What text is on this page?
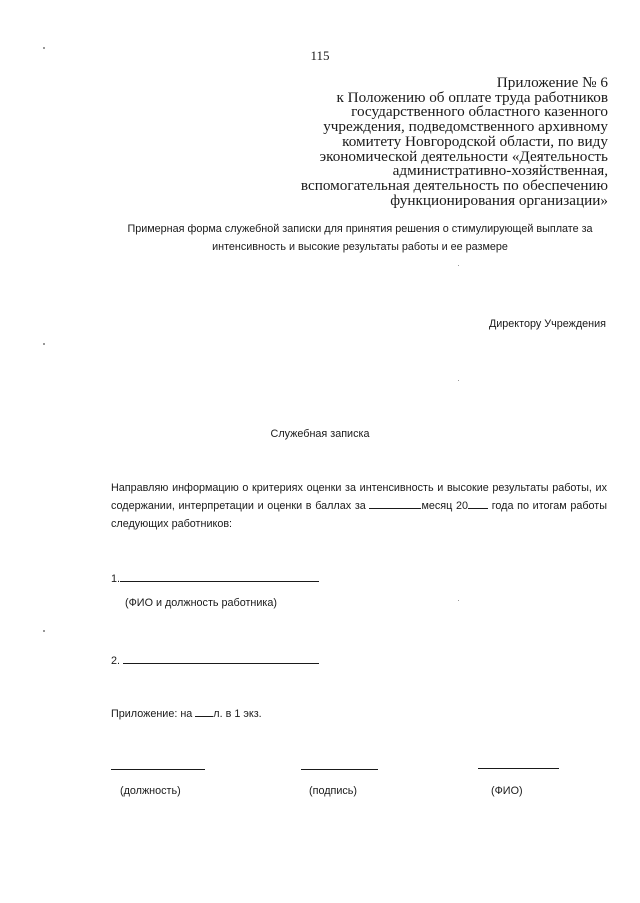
115
Приложение № 6
к Положению об оплате труда работников
государственного областного казенного
учреждения, подведомственного архивному
комитету Новгородской области, по виду
экономической деятельности «Деятельность
административно-хозяйственная,
вспомогательная деятельность по обеспечению
функционирования организации»
Примерная форма служебной записки для принятия решения о стимулирующей выплате за
интенсивность и высокие результаты работы и ее размере
Директору Учреждения
Служебная записка
Направляю информацию о критериях оценки за интенсивность и высокие результаты работы, их
содержании, интерпретации и оценки в баллах за	месяц 20 года по итогам работы
следующих работников:
1.
(ФИО и должность работника)
2.
Приложение: на л. в 1 экз.
(должность)	(подпись)	(ФИО)
